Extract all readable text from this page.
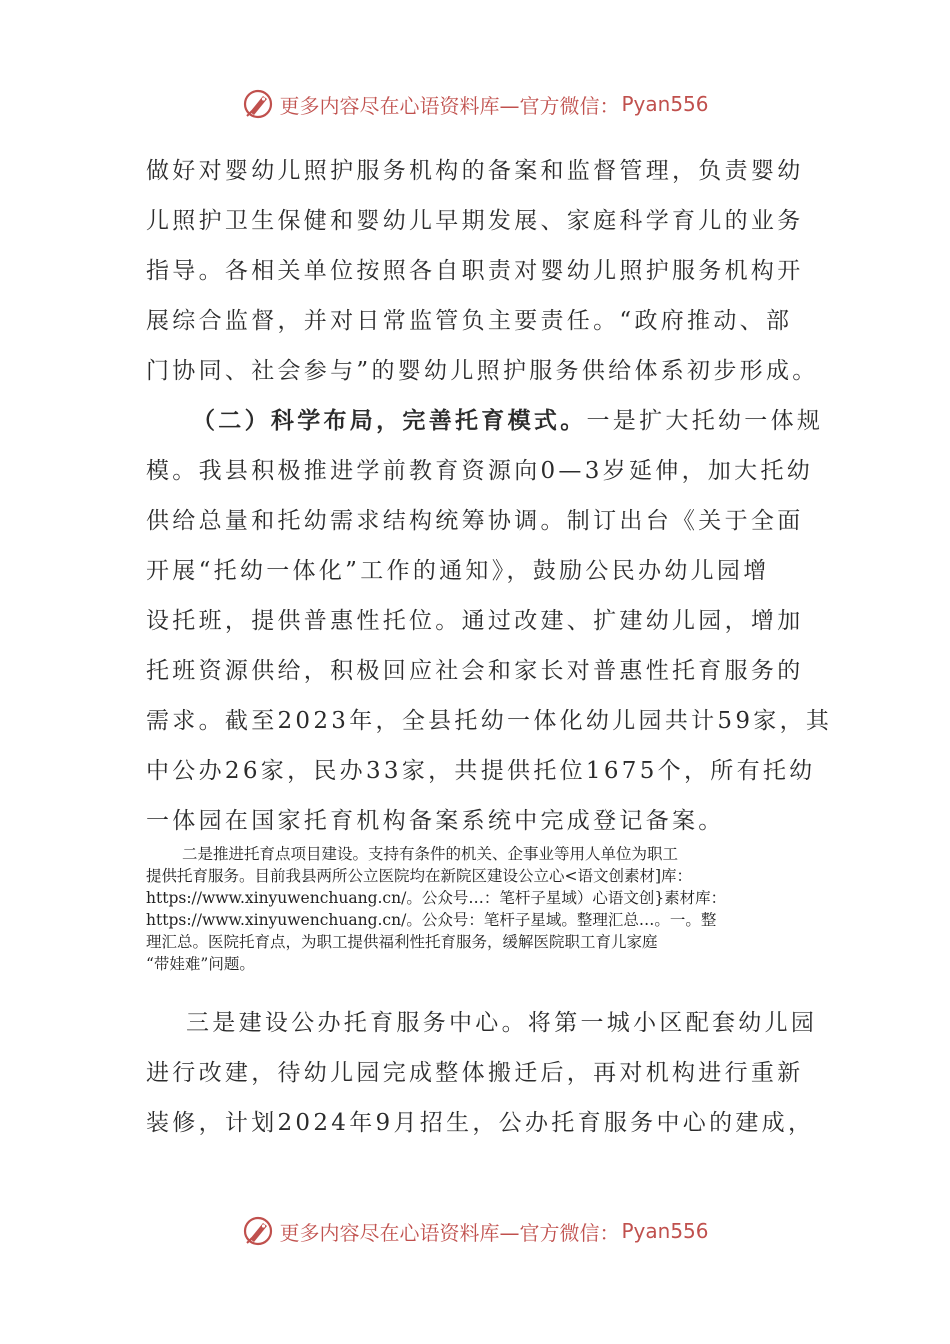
更多内容尽在心语资料库—官方微信： Pyan556
做好对婴幼儿照护服务机构的备案和监督管理，负责婴幼
儿照护卫生保健和婴幼儿早期发展、家庭科学育儿的业务
指导。各相关单位按照各自职责对婴幼儿照护服务机构开
展综合监督，并对日常监管负主要责任。“政府推动、部
门协同、社会参与”的婴幼儿照护服务供给体系初步形成。
（二）科学布局，完善托育模式。一是扩大托幼一体规
模。我县积极推进学前教育资源向0—3岁延伸，加大托幼
供给总量和托幼需求结构统筹协调。制订出台《关于全面
开展“托幼一体化”工作的通知》，鼓励公民办幼儿园增
设托班，提供普惠性托位。通过改建、扩建幼儿园，增加
托班资源供给，积极回应社会和家长对普惠性托育服务的
需求。截至2023年，全县托幼一体化幼儿园共计59家，其
中公办26家，民办33家，共提供托位1675个，所有托幼
一体园在国家托育机构备案系统中完成登记备案。
二是推进托育点项目建设。支持有条件的机关、企事业等用人单位为职工
提供托育服务。目前我县两所公立医院均在新院区建设公立心<语文创素材]库：
https://www.xinyuwenchuang.cn/。公众号…：笔杆子星域）心语文创}素材库：
https://www.xinyuwenchuang.cn/。公众号：笔杆子星域。整理汇总…。一。整
理汇总。医院托育点，为职工提供福利性托育服务，缓解医院职工育儿家庭
“带娃难”问题。
三是建设公办托育服务中心。将第一城小区配套幼儿园
进行改建，待幼儿园完成整体搬迁后，再对机构进行重新
装修，计划2024年9月招生，公办托育服务中心的建成，
更多内容尽在心语资料库—官方微信： Pyan556
